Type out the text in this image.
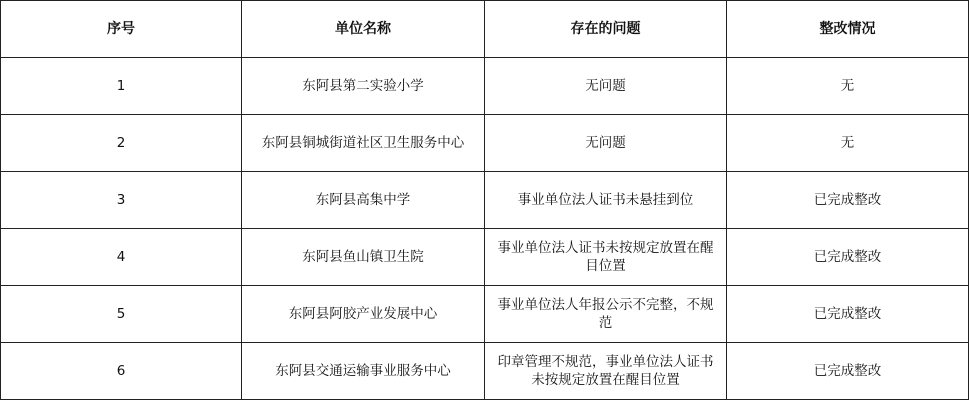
序号	单位名称	存在的问题	整改情况
1	东阿县第二实验小学	无问题	无
2	东阿县铜城街道社区卫生服务中心	无问题	无
3	东阿县高集中学	事业单位法人证书未悬挂到位	已完成整改
4	东阿县鱼山镇卫生院	事业单位法人证书未按规定放置在醒目位置	已完成整改
5	东阿县阿胶产业发展中心	事业单位法人年报公示不完整，不规范	已完成整改
6	东阿县交通运输事业服务中心	印章管理不规范，事业单位法人证书未按规定放置在醒目位置	已完成整改
